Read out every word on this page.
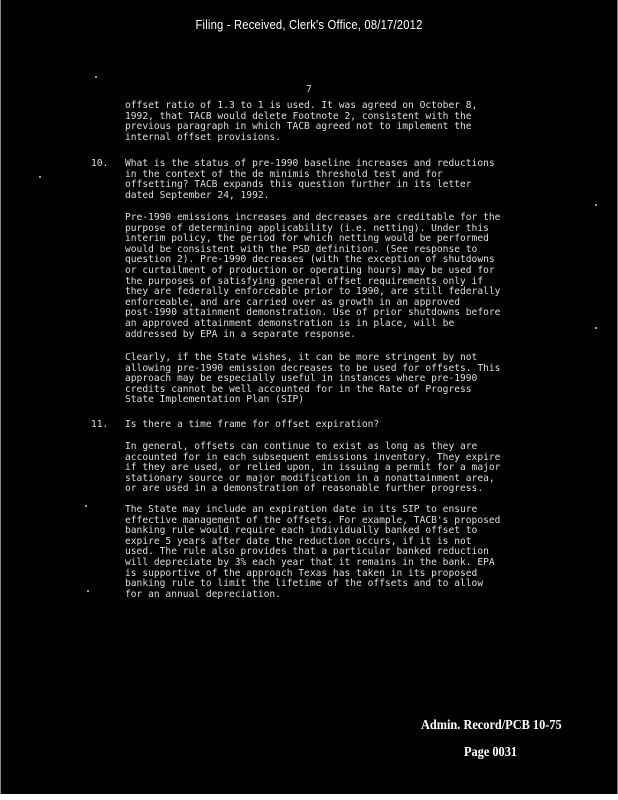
Filing - Received, Clerk's Office, 08/17/2012
7
offset ratio of 1.3 to 1 is used. It was agreed on October 8,
1992, that TACB would delete Footnote 2, consistent with the
previous paragraph in which TACB agreed not to implement the
internal offset provisions.
10. What is the status of pre-1990 baseline increases and reductions
in the context of the de minimis threshold test and for
offsetting? TACB expands this question further in its letter
dated September 24, 1992.
Pre-1990 emissions increases and decreases are creditable for the
purpose of determining applicability (i.e. netting). Under this
interim policy, the period for which netting would be performed
would be consistent with the PSD definition. (See response to
question 2). Pre-1990 decreases (with the exception of shutdowns
or curtailment of production or operating hours) may be used for
the purposes of satisfying general offset requirements only if
they are federally enforceable prior to 1990, are still federally
enforceable, and are carried over as growth in an approved
post-1990 attainment demonstration. Use of prior shutdowns before
an approved attainment demonstration is in place, will be
addressed by EPA in a separate response.
Clearly, if the State wishes, it can be more stringent by not
allowing pre-1990 emission decreases to be used for offsets. This
approach may be especially useful in instances where pre-1990
credits cannot be well accounted for in the Rate of Progress
State Implementation Plan (SIP)
11. Is there a time frame for offset expiration?
In general, offsets can continue to exist as long as they are
accounted for in each subsequent emissions inventory. They expire
if they are used, or relied upon, in issuing a permit for a major
stationary source or major modification in a nonattainment area,
or are used in a demonstration of reasonable further progress.
The State may include an expiration date in its SIP to ensure
effective management of the offsets. For example, TACB's proposed
banking rule would require each individually banked offset to
expire 5 years after date the reduction occurs, if it is not
used. The rule also provides that a particular banked reduction
will depreciate by 3% each year that it remains in the bank. EPA
is supportive of the approach Texas has taken in its proposed
banking rule to limit the lifetime of the offsets and to allow
for an annual depreciation.
Admin. Record/PCB 10-75
Page 0031
